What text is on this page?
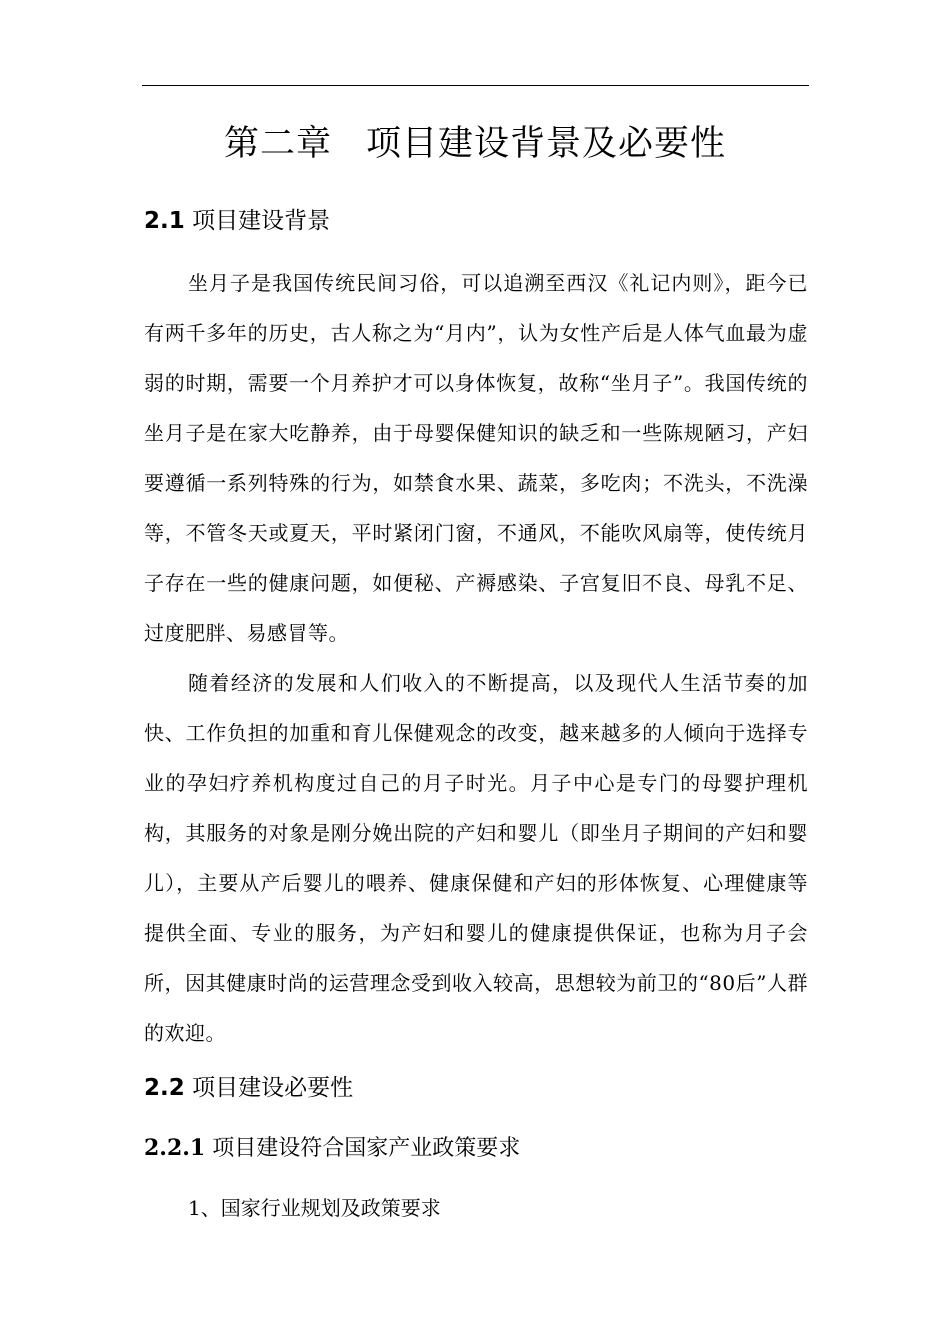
第二章 项目建设背景及必要性
2.1 项目建设背景

坐月子是我国传统民间习俗，可以追溯至西汉《礼记内则》，距今已有两千多年的历史，古人称之为“月内”，认为女性产后是人体气血最为虚弱的时期，需要一个月养护才可以身体恢复，故称“坐月子”。我国传统的坐月子是在家大吃静养，由于母婴保健知识的缺乏和一些陈规陋习，产妇要遵循一系列特殊的行为，如禁食水果、蔬菜，多吃肉；不洗头，不洗澡等，不管冬天或夏天，平时紧闭门窗，不通风，不能吹风扇等，使传统月子存在一些的健康问题，如便秘、产褥感染、子宫复旧不良、母乳不足、过度肥胖、易感冒等。

随着经济的发展和人们收入的不断提高，以及现代人生活节奏的加快、工作负担的加重和育儿保健观念的改变，越来越多的人倾向于选择专业的孕妇疗养机构度过自己的月子时光。月子中心是专门的母婴护理机构，其服务的对象是刚分娩出院的产妇和婴儿（即坐月子期间的产妇和婴儿），主要从产后婴儿的喂养、健康保健和产妇的形体恢复、心理健康等提供全面、专业的服务，为产妇和婴儿的健康提供保证，也称为月子会所，因其健康时尚的运营理念受到收入较高，思想较为前卫的“80后”人群的欢迎。

2.2 项目建设必要性
2.2.1 项目建设符合国家产业政策要求

1、国家行业规划及政策要求
